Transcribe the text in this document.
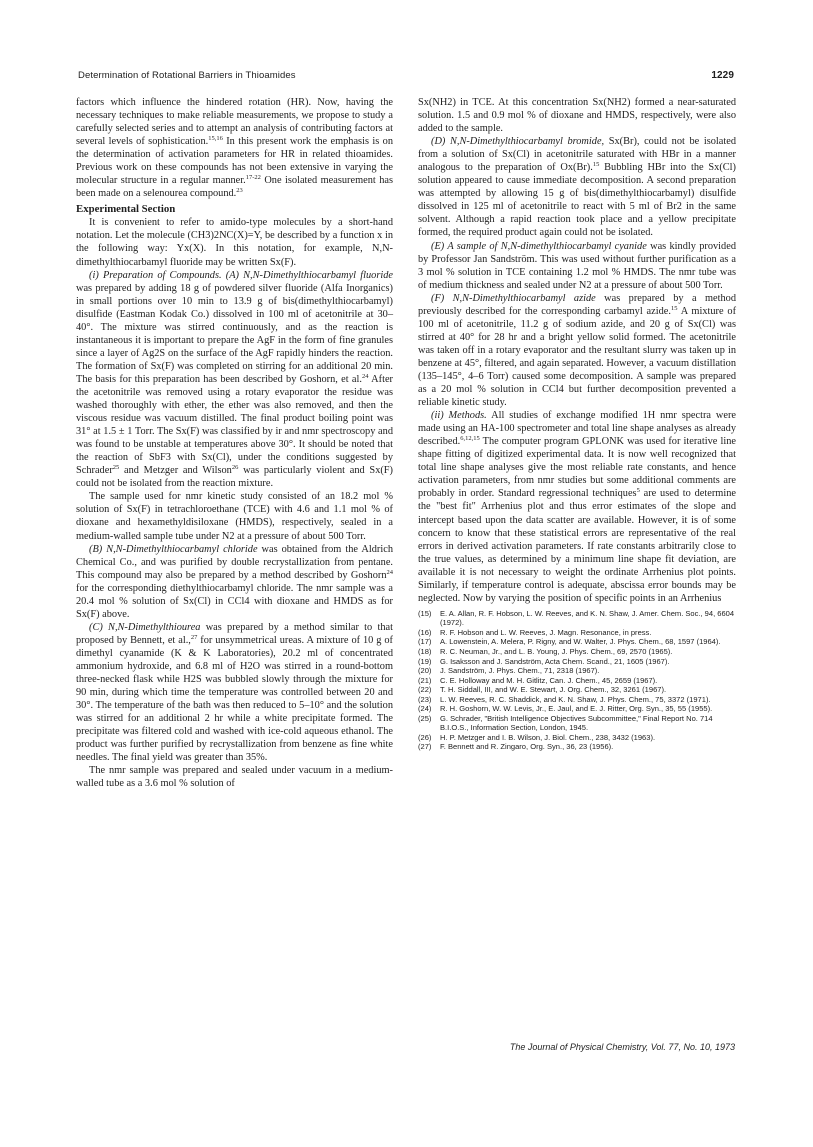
Determination of Rotational Barriers in Thioamides	1229

factors which influence the hindered rotation (HR). Now, having the necessary techniques to make reliable measurements, we propose to study a carefully selected series and to attempt an analysis of contributing factors at several levels of sophistication.$^{15,16}$ In this present work the emphasis is on the determination of activation parameters for HR in related thioamides. Previous work on these compounds has not been extensive in varying the molecular structure in a regular manner.$^{17-22}$ One isolated measurement has been made on a selenourea compound.$^{23}$

Experimental Section

It is convenient to refer to amido-type molecules by a short-hand notation. Let the molecule (CH3)2NC(X)=Y, be described by a function x in the following way: Yx(X). In this notation, for example, N,N-dimethylthiocarbamyl fluoride may be written Sx(F).

(i) Preparation of Compounds. (A) N,N-Dimethylthiocarbamyl fluoride was prepared by adding 18 g of powdered silver fluoride (Alfa Inorganics) in small portions over 10 min to 13.9 g of bis(dimethylthiocarbamyl) disulfide (Eastman Kodak Co.) dissolved in 100 ml of acetonitrile at 30–40°. The mixture was stirred continuously, and as the reaction is instantaneous it is important to prepare the AgF in the form of fine granules since a layer of Ag2S on the surface of the AgF rapidly hinders the reaction. The formation of Sx(F) was completed on stirring for an additional 20 min. The basis for this preparation has been described by Goshorn, et al.$^{24}$ After the acetonitrile was removed using a rotary evaporator the residue was washed thoroughly with ether, the ether was also removed, and then the viscous residue was vacuum distilled. The final product boiling point was 31° at 1.5 ± 1 Torr. The Sx(F) was classified by ir and nmr spectroscopy and was found to be unstable at temperatures above 30°. It should be noted that the reaction of SbF3 with Sx(Cl), under the conditions suggested by Schrader$^{25}$ and Metzger and Wilson$^{26}$ was particularly violent and Sx(F) could not be isolated from the reaction mixture.

The sample used for nmr kinetic study consisted of an 18.2 mol % solution of Sx(F) in tetrachloroethane (TCE) with 4.6 and 1.1 mol % of dioxane and hexamethyldisiloxane (HMDS), respectively, sealed in a medium-walled sample tube under N2 at a pressure of about 500 Torr.

(B) N,N-Dimethylthiocarbamyl chloride was obtained from the Aldrich Chemical Co., and was purified by double recrystallization from pentane. This compound may also be prepared by a method described by Goshorn$^{24}$ for the corresponding diethylthiocarbamyl chloride. The nmr sample was a 20.4 mol % solution of Sx(Cl) in CCl4 with dioxane and HMDS as for Sx(F) above.

(C) N,N-Dimethylthiourea was prepared by a method similar to that proposed by Bennett, et al.,$^{27}$ for unsymmetrical ureas. A mixture of 10 g of dimethyl cyanamide (K & K Laboratories), 20.2 ml of concentrated ammonium hydroxide, and 6.8 ml of H2O was stirred in a round-bottom three-necked flask while H2S was bubbled slowly through the mixture for 90 min, during which time the temperature was controlled between 20 and 30°. The temperature of the bath was then reduced to 5–10° and the solution was stirred for an additional 2 hr while a white precipitate formed. The precipitate was filtered cold and washed with ice-cold aqueous ethanol. The product was further purified by recrystallization from benzene as fine white needles. The final yield was greater than 35%.

The nmr sample was prepared and sealed under vacuum in a medium-walled tube as a 3.6 mol % solution of

Sx(NH2) in TCE. At this concentration Sx(NH2) formed a near-saturated solution. 1.5 and 0.9 mol % of dioxane and HMDS, respectively, were also added to the sample.

(D) N,N-Dimethylthiocarbamyl bromide, Sx(Br), could not be isolated from a solution of Sx(Cl) in acetonitrile saturated with HBr in a manner analogous to the preparation of Ox(Br).$^{15}$ Bubbling HBr into the Sx(Cl) solution appeared to cause immediate decomposition. A second preparation was attempted by allowing 15 g of bis(dimethylthiocarbamyl) disulfide dissolved in 125 ml of acetonitrile to react with 5 ml of Br2 in the same solvent. Although a rapid reaction took place and a yellow precipitate formed, the required product again could not be isolated.

(E) A sample of N,N-dimethylthiocarbamyl cyanide was kindly provided by Professor Jan Sandström. This was used without further purification as a 3 mol % solution in TCE containing 1.2 mol % HMDS. The nmr tube was of medium thickness and sealed under N2 at a pressure of about 500 Torr.

(F) N,N-Dimethylthiocarbamyl azide was prepared by a method previously described for the corresponding carbamyl azide.$^{15}$ A mixture of 100 ml of acetonitrile, 11.2 g of sodium azide, and 20 g of Sx(Cl) was stirred at 40° for 28 hr and a bright yellow solid formed. The acetonitrile was taken off in a rotary evaporator and the resultant slurry was taken up in benzene at 45°, filtered, and again separated. However, a vacuum distillation (135–145°, 4–6 Torr) caused some decomposition. A sample was prepared as a 20 mol % solution in CCl4 but further decomposition prevented a reliable kinetic study.

(ii) Methods. All studies of exchange modified 1H nmr spectra were made using an HA-100 spectrometer and total line shape analyses as already described.$^{6,12,15}$ The computer program GPLONK was used for iterative line shape fitting of digitized experimental data. It is now well recognized that total line shape analyses give the most reliable rate constants, and hence activation parameters, from nmr studies but some additional comments are probably in order. Standard regressional techniques$^5$ are used to determine the "best fit" Arrhenius plot and thus error estimates of the slope and intercept based upon the data scatter are available. However, it is of some concern to know that these statistical errors are representative of the real errors in derived activation parameters. If rate constants arbitrarily close to the true values, as determined by a minimum line shape fit deviation, are available it is not necessary to weight the ordinate Arrhenius plot points. Similarly, if temperature control is adequate, abscissa error bounds may be neglected. Now by varying the position of specific points in an Arrhenius

(15)	E. A. Allan, R. F. Hobson, L. W. Reeves, and K. N. Shaw, J. Amer. Chem. Soc., 94, 6604 (1972).
(16)	R. F. Hobson and L. W. Reeves, J. Magn. Resonance, in press.
(17)	A. Lowenstein, A. Melera, P. Rigny, and W. Walter, J. Phys. Chem., 68, 1597 (1964).
(18)	R. C. Neuman, Jr., and L. B. Young, J. Phys. Chem., 69, 2570 (1965).
(19)	G. Isaksson and J. Sandström, Acta Chem. Scand., 21, 1605 (1967).
(20)	J. Sandström, J. Phys. Chem., 71, 2318 (1967).
(21)	C. E. Holloway and M. H. Gitlitz, Can. J. Chem., 45, 2659 (1967).
(22)	T. H. Siddall, III, and W. E. Stewart, J. Org. Chem., 32, 3261 (1967).
(23)	L. W. Reeves, R. C. Shaddick, and K. N. Shaw, J. Phys. Chem., 75, 3372 (1971).
(24)	R. H. Goshorn, W. W. Levis, Jr., E. Jaul, and E. J. Ritter, Org. Syn., 35, 55 (1955).
(25)	G. Schrader, "British Intelligence Objectives Subcommittee," Final Report No. 714 B.I.O.S., Information Section, London, 1945.
(26)	H. P. Metzger and I. B. Wilson, J. Biol. Chem., 238, 3432 (1963).
(27)	F. Bennett and R. Zingaro, Org. Syn., 36, 23 (1956).
The Journal of Physical Chemistry, Vol. 77, No. 10, 1973
